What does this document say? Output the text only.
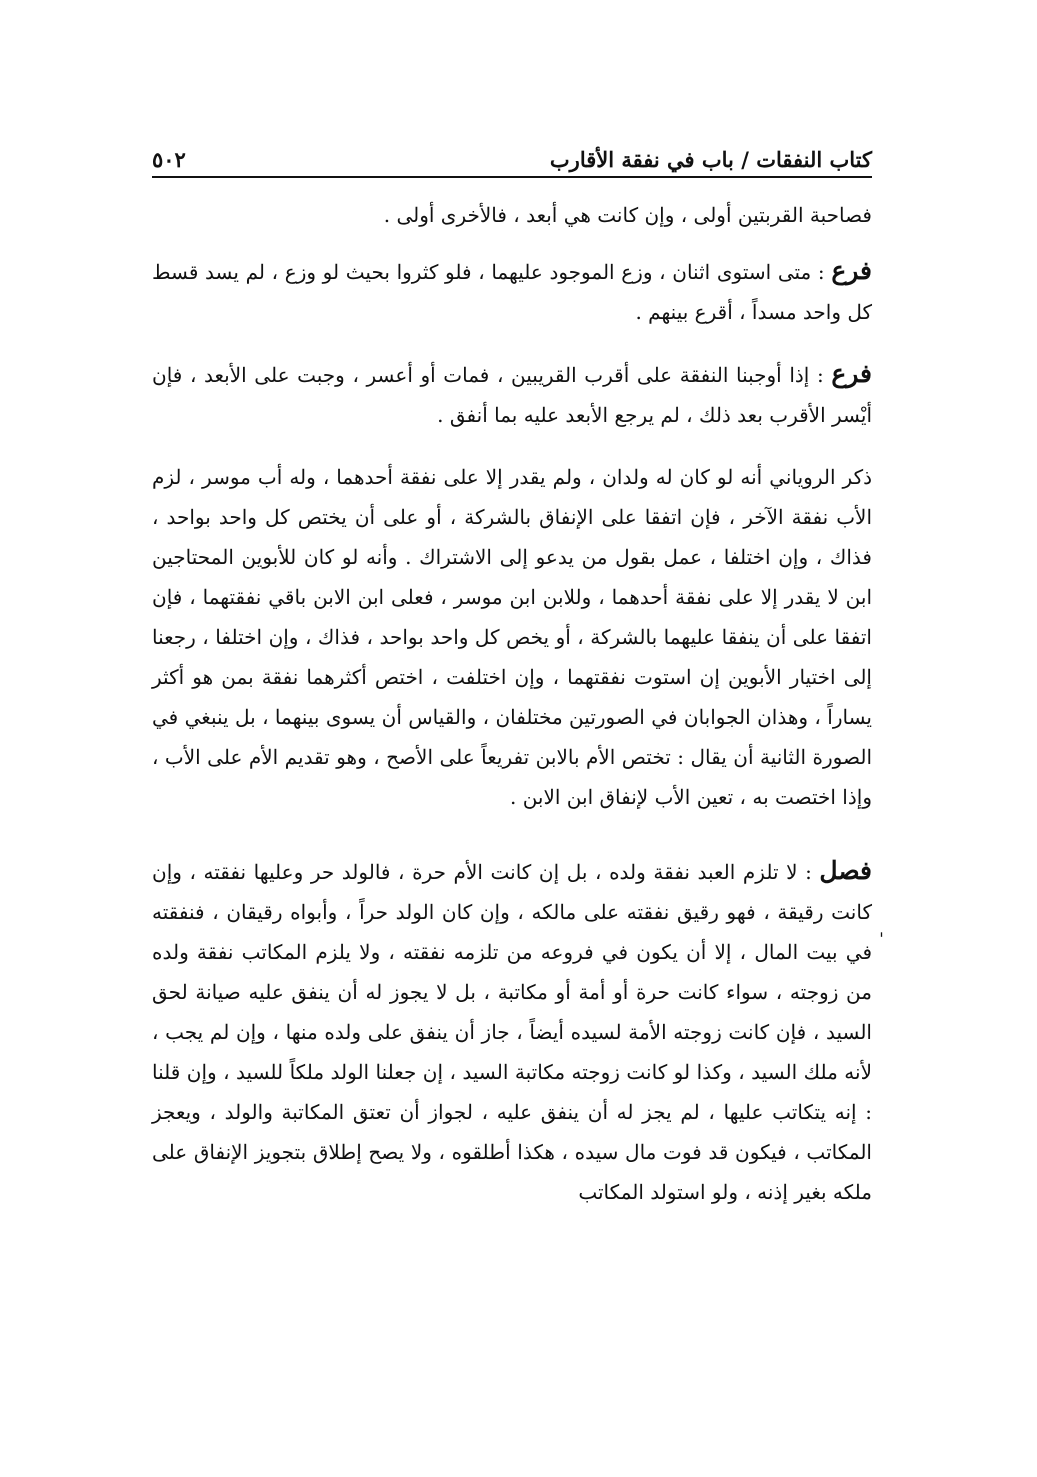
كتاب النفقات / باب في نفقة الأقارب
٥٠٢

فصاحبة القربتين أولى ، وإن كانت هي أبعد ، فالأخرى أولى .

فرع : متى استوى اثنان ، وزع الموجود عليهما ، فلو كثروا بحيث لو وزع ، لم يسد قسط كل واحد مسداً ، أقرع بينهم .

فرع : إذا أوجبنا النفقة على أقرب القريبين ، فمات أو أعسر ، وجبت على الأبعد ، فإن أيْسر الأقرب بعد ذلك ، لم يرجع الأبعد عليه بما أنفق .

ذكر الروياني أنه لو كان له ولدان ، ولم يقدر إلا على نفقة أحدهما ، وله أب موسر ، لزم الأب نفقة الآخر ، فإن اتفقا على الإنفاق بالشركة ، أو على أن يختص كل واحد بواحد ، فذاك ، وإن اختلفا ، عمل بقول من يدعو إلى الاشتراك . وأنه لو كان للأبوين المحتاجين ابن لا يقدر إلا على نفقة أحدهما ، وللابن ابن موسر ، فعلى ابن الابن باقي نفقتهما ، فإن اتفقا على أن ينفقا عليهما بالشركة ، أو يخص كل واحد بواحد ، فذاك ، وإن اختلفا ، رجعنا إلى اختيار الأبوين إن استوت نفقتهما ، وإن اختلفت ، اختص أكثرهما نفقة بمن هو أكثر يساراً ، وهذان الجوابان في الصورتين مختلفان ، والقياس أن يسوى بينهما ، بل ينبغي في الصورة الثانية أن يقال : تختص الأم بالابن تفريعاً على الأصح ، وهو تقديم الأم على الأب ، وإذا اختصت به ، تعين الأب لإنفاق ابن الابن .

فصل : لا تلزم العبد نفقة ولده ، بل إن كانت الأم حرة ، فالولد حر وعليها نفقته ، وإن كانت رقيقة ، فهو رقيق نفقته على مالكه ، وإن كان الولد حراً ، وأبواه رقيقان ، فنفقته في بيت المال ، إلا أن يكون في فروعه من تلزمه نفقته ، ولا يلزم المكاتب نفقة ولده من زوجته ، سواء كانت حرة أو أمة أو مكاتبة ، بل لا يجوز له أن ينفق عليه صيانة لحق السيد ، فإن كانت زوجته الأمة لسيده أيضاً ، جاز أن ينفق على ولده منها ، وإن لم يجب ، لأنه ملك السيد ، وكذا لو كانت زوجته مكاتبة السيد ، إن جعلنا الولد ملكاً للسيد ، وإن قلنا : إنه يتكاتب عليها ، لم يجز له أن ينفق عليه ، لجواز أن تعتق المكاتبة والولد ، ويعجز المكاتب ، فيكون قد فوت مال سيده ، هكذا أطلقوه ، ولا يصح إطلاق بتجويز الإنفاق على ملكه بغير إذنه ، ولو استولد المكاتب
